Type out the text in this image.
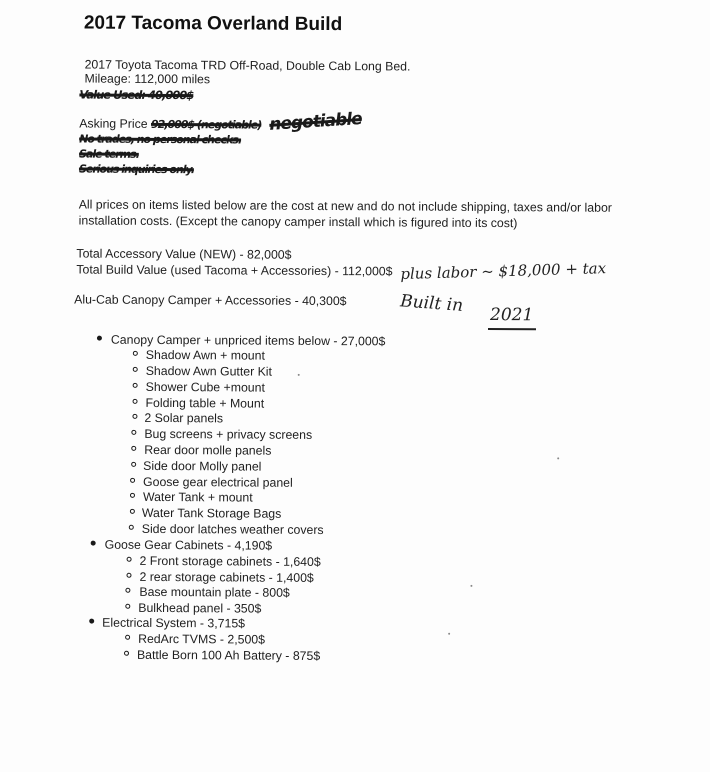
2017 Tacoma Overland Build
2017 Toyota Tacoma TRD Off-Road, Double Cab Long Bed.
Mileage: 112,000 miles
Value Used: 40,000$
Asking Price 92,000$ (negotiable) negotiable
No trades, no personal checks.
Sale terms.
Serious inquiries only.
All prices on items listed below are the cost at new and do not include shipping, taxes and/or labor
installation costs. (Except the canopy camper install which is figured into its cost)
Total Accessory Value (NEW) - 82,000$
Total Build Value (used Tacoma + Accessories) - 112,000$ plus labor ~ $18,000 + tax
Alu-Cab Canopy Camper + Accessories - 40,300$	Built in 2021
Canopy Camper + unpriced items below - 27,000$
Shadow Awn + mount
Shadow Awn Gutter Kit
Shower Cube +mount
Folding table + Mount
2 Solar panels
Bug screens + privacy screens
Rear door molle panels
Side door Molly panel
Goose gear electrical panel
Water Tank + mount
Water Tank Storage Bags
Side door latches weather covers
Goose Gear Cabinets - 4,190$
2 Front storage cabinets - 1,640$
2 rear storage cabinets - 1,400$
Base mountain plate - 800$
Bulkhead panel - 350$
Electrical System - 3,715$
RedArc TVMS - 2,500$
Battle Born 100 Ah Battery - 875$
